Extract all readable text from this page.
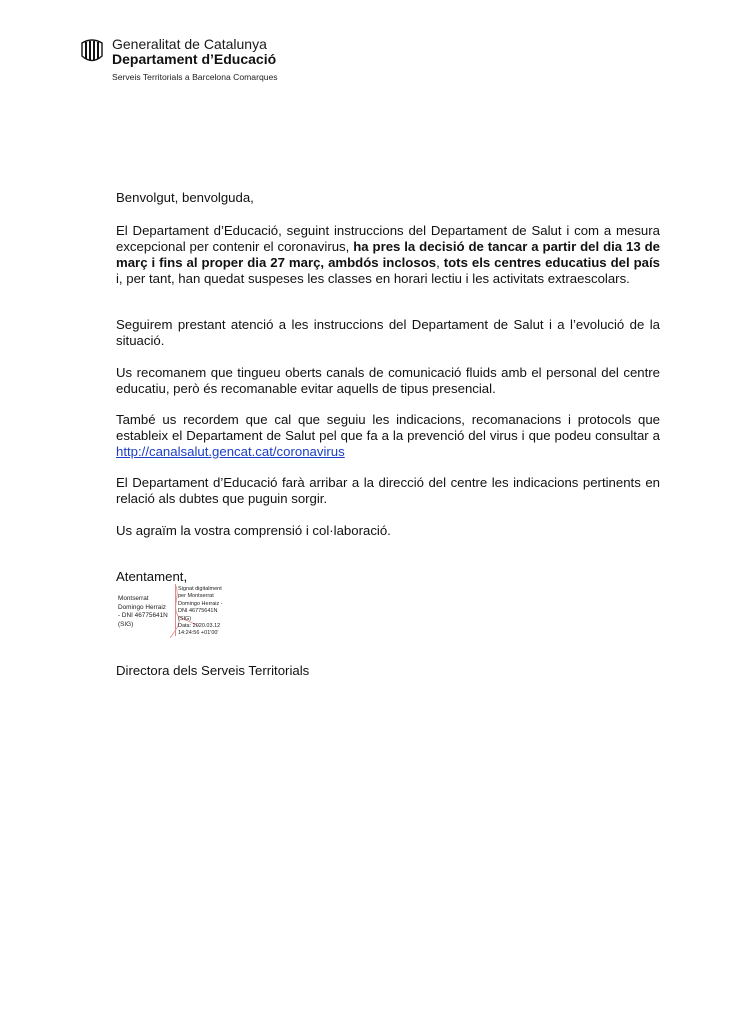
Generalitat de Catalunya
Departament d’Educació
Serveis Territorials a Barcelona Comarques

Benvolgut, benvolguda,

El Departament d’Educació, seguint instruccions del Departament de Salut i com a mesura excepcional per contenir el coronavirus, ha pres la decisió de tancar a partir del dia 13 de març i fins al proper dia 27 març, ambdós inclosos, tots els centres educatius del país i, per tant, han quedat suspeses les classes en horari lectiu i les activitats extraescolars.

Seguirem prestant atenció a les instruccions del Departament de Salut i a l’evolució de la situació.

Us recomanem que tingueu oberts canals de comunicació fluids amb el personal del centre educatiu, però és recomanable evitar aquells de tipus presencial.

També us recordem que cal que seguiu les indicacions, recomanacions i protocols que estableix el Departament de Salut pel que fa a la prevenció del virus i que podeu consultar a http://canalsalut.gencat.cat/coronavirus

El Departament d’Educació farà arribar a la direcció del centre les indicacions pertinents en relació als dubtes que puguin sorgir.

Us agraïm la vostra comprensió i col·laboració.

Atentament,

Montserrat
Domingo Herraiz
- DNI 46775641N
(SIG)
Signat digitalment
per Montserrat
Domingo Herraiz -
DNI 46775641N
(SIG)
Data: 2020.03.12
14:24:56 +01'00'
Directora dels Serveis Territorials
